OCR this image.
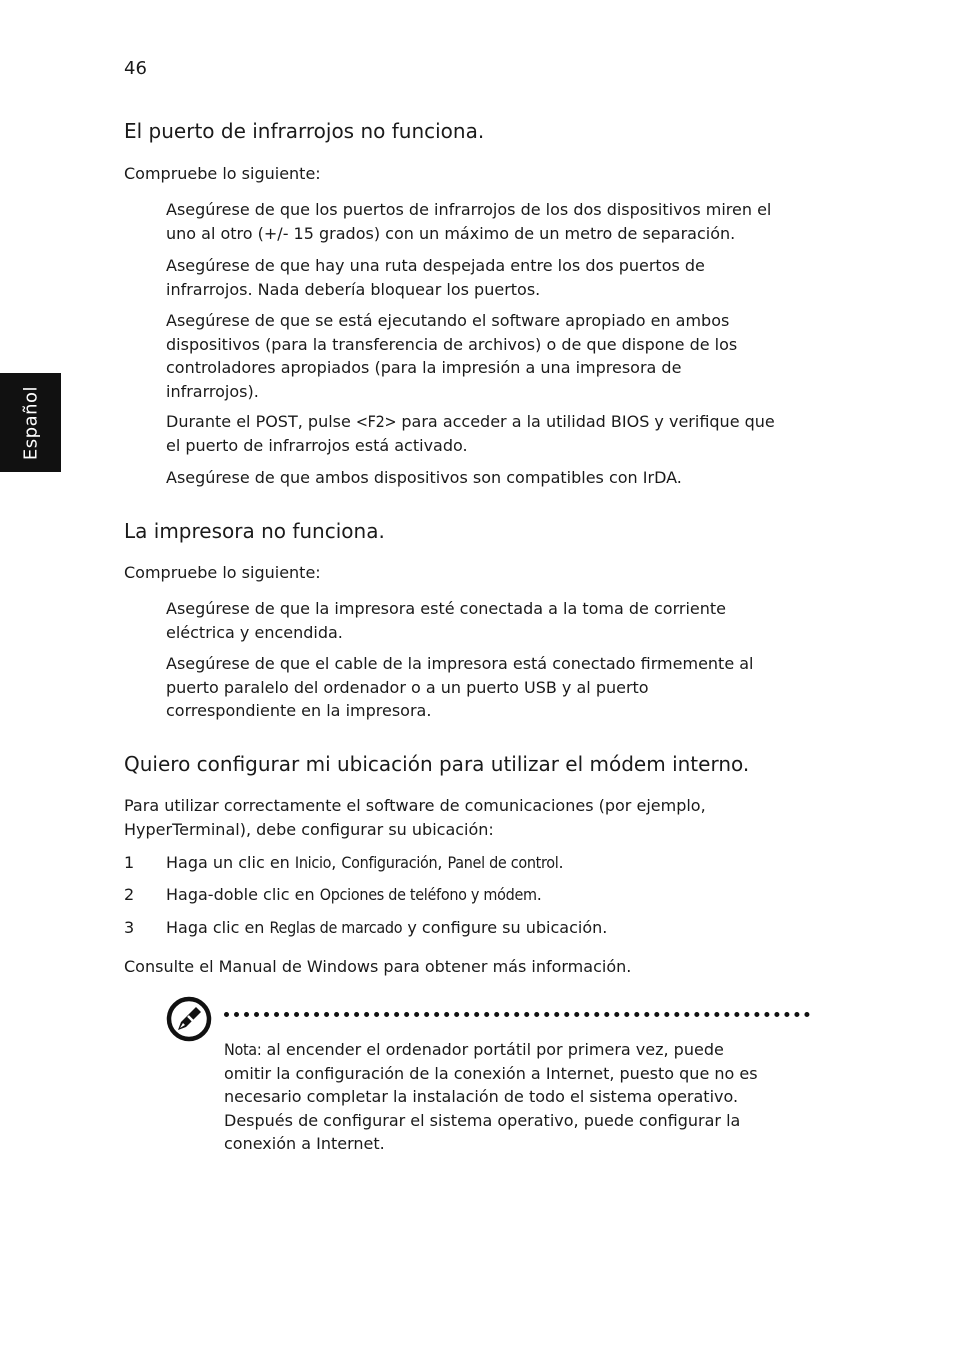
46
Español
El puerto de infrarrojos no funciona.
Compruebe lo siguiente:
Asegúrese de que los puertos de infrarrojos de los dos dispositivos miren el
uno al otro (+/- 15 grados) con un máximo de un metro de separación.
Asegúrese de que hay una ruta despejada entre los dos puertos de
infrarrojos. Nada debería bloquear los puertos.
Asegúrese de que se está ejecutando el software apropiado en ambos
dispositivos (para la transferencia de archivos) o de que dispone de los
controladores apropiados (para la impresión a una impresora de
infrarrojos).
Durante el POST, pulse <F2> para acceder a la utilidad BIOS y verifique que
el puerto de infrarrojos está activado.
Asegúrese de que ambos dispositivos son compatibles con IrDA.
La impresora no funciona.
Compruebe lo siguiente:
Asegúrese de que la impresora esté conectada a la toma de corriente
eléctrica y encendida.
Asegúrese de que el cable de la impresora está conectado firmemente al
puerto paralelo del ordenador o a un puerto USB y al puerto
correspondiente en la impresora.
Quiero configurar mi ubicación para utilizar el módem interno.
Para utilizar correctamente el software de comunicaciones (por ejemplo,
HyperTerminal), debe configurar su ubicación:
1 Haga un clic en Inicio, Configuración, Panel de control.
2 Haga-doble clic en Opciones de teléfono y módem.
3 Haga clic en Reglas de marcado y configure su ubicación.
Consulte el Manual de Windows para obtener más información.
Nota: al encender el ordenador portátil por primera vez, puede
omitir la configuración de la conexión a Internet, puesto que no es
necesario completar la instalación de todo el sistema operativo.
Después de configurar el sistema operativo, puede configurar la
conexión a Internet.
